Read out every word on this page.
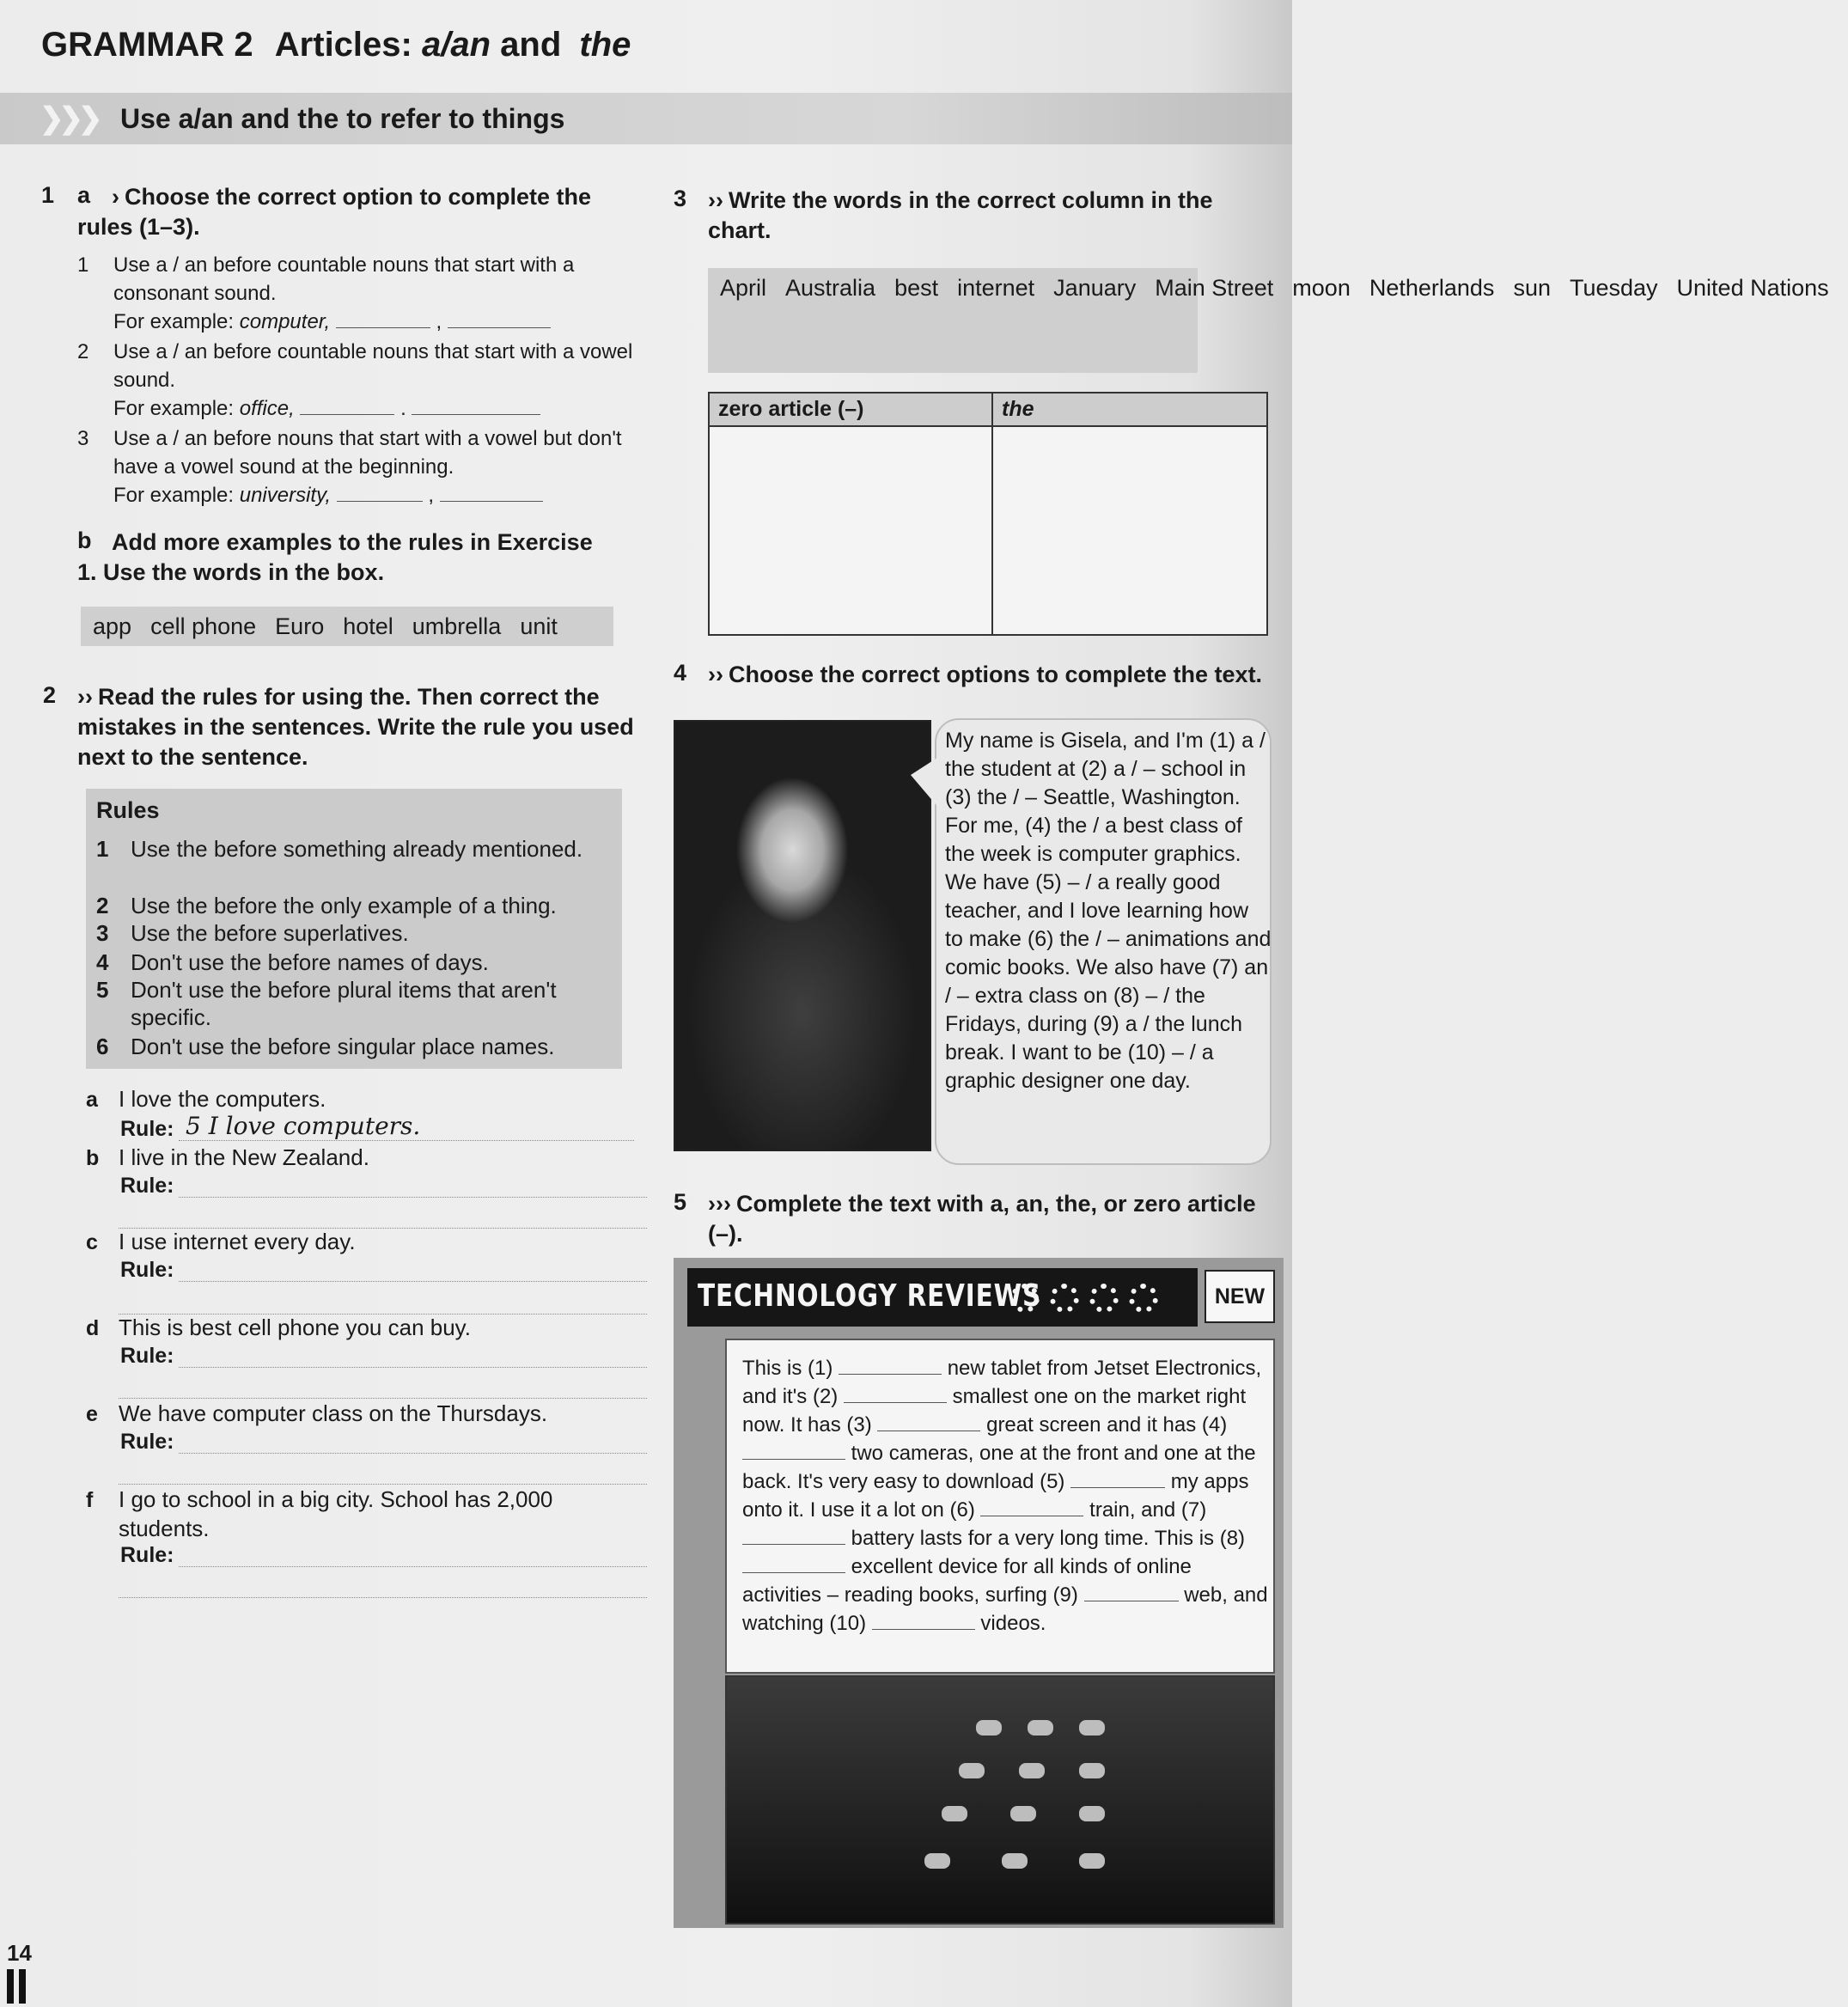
GRAMMAR 2 Articles: a/an and the
❯❯❯ Use a/an and the to refer to things
1 a › Choose the correct option to complete the rules (1–3).
1 Use a / an before countable nouns that start with a consonant sound.
For example: computer,	,
2 Use a / an before countable nouns that start with a vowel sound.
For example: office,	.
3 Use a / an before nouns that start with a vowel but don't have a vowel sound at the beginning.
For example: university,	,
b Add more examples to the rules in Exercise 1. Use the words in the box.
app cell phone Euro hotel umbrella unit
2 ›› Read the rules for using the. Then correct the mistakes in the sentences. Write the rule you used next to the sentence.
Rules
1 Use the before something already mentioned.
2 Use the before the only example of a thing.
3 Use the before superlatives.
4 Don't use the before names of days.
5 Don't use the before plural items that aren't specific.
6 Don't use the before singular place names.
a I love the computers.
Rule: 5 I love computers.
b I live in the New Zealand.
Rule:
c I use internet every day.
Rule:
d This is best cell phone you can buy.
Rule:
e We have computer class on the Thursdays.
Rule:
f I go to school in a big city. School has 2,000 students.
Rule:
3 ›› Write the words in the correct column in the chart.
April Australia best internet January Main Street moon Netherlands sun Tuesday United Nations
zero article (–)	the

4 ›› Choose the correct options to complete the text.
My name is Gisela, and I'm (1) a / the student at (2) a / – school in (3) the / – Seattle, Washington. For me, (4) the / a best class of the week is computer graphics. We have (5) – / a really good teacher, and I love learning how to make (6) the / – animations and comic books. We also have (7) an / – extra class on (8) – / the Fridays, during (9) a / the lunch break. I want to be (10) – / a graphic designer one day.
5 ››› Complete the text with a, an, the, or zero article (–).
TECHNOLOGY REVIEWS	NEW
This is (1)	new tablet from Jetset Electronics, and it's (2)	smallest one on the market right now. It has (3)	great screen and it has (4)  two cameras, one at the front and one at the back. It's very easy to download (5)	my apps onto it. I use it a lot on (6)	train, and (7)  battery lasts for a very long time. This is (8)  excellent device for all kinds of online activities – reading books, surfing (9)	web, and watching (10)	videos.
14
